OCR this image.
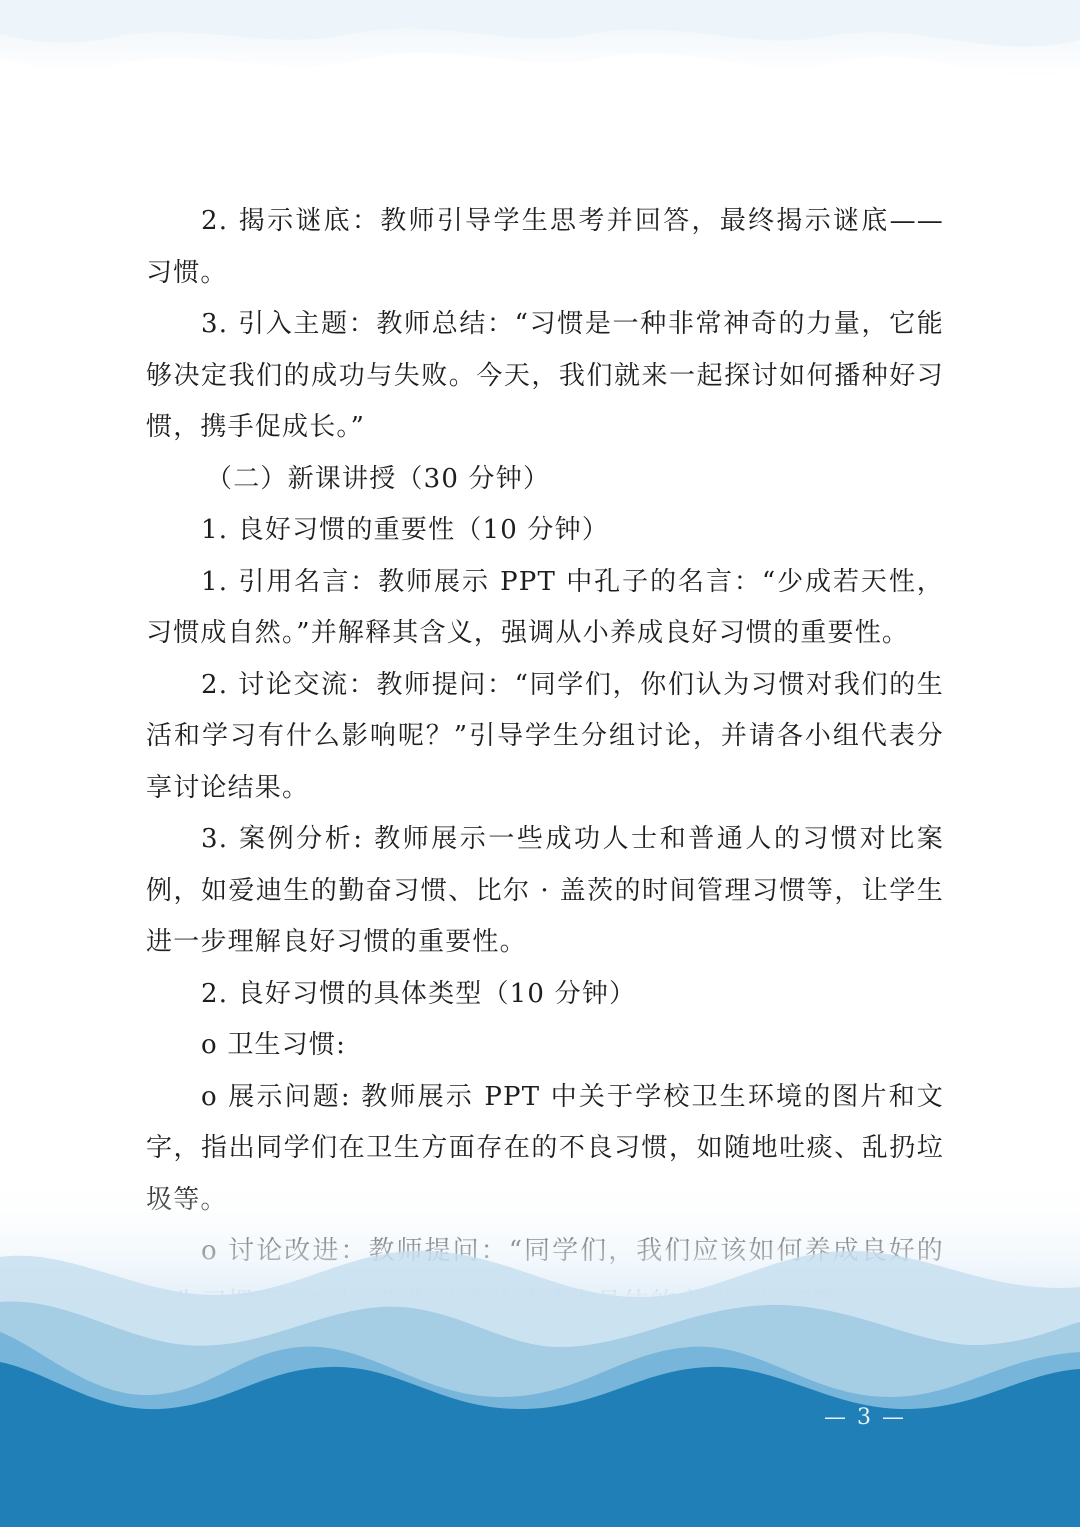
2. 揭示谜底：教师引导学生思考并回答，最终揭示谜底——习惯。

3. 引入主题：教师总结：“习惯是一种非常神奇的力量，它能够决定我们的成功与失败。今天，我们就来一起探讨如何播种好习惯，携手促成长。”

（二）新课讲授（30 分钟）

1. 良好习惯的重要性（10 分钟）

1. 引用名言：教师展示 PPT 中孔子的名言：“少成若天性，习惯成自然。”并解释其含义，强调从小养成良好习惯的重要性。

2. 讨论交流：教师提问：“同学们，你们认为习惯对我们的生活和学习有什么影响呢？”引导学生分组讨论，并请各小组代表分享讨论结果。

3. 案例分析: 教师展示一些成功人士和普通人的习惯对比案例，如爱迪生的勤奋习惯、比尔 · 盖茨的时间管理习惯等，让学生进一步理解良好习惯的重要性。

2. 良好习惯的具体类型（10 分钟）

o 卫生习惯:

o 展示问题: 教师展示 PPT 中关于学校卫生环境的图片和文字，指出同学们在卫生方面存在的不良习惯，如随地吐痰、乱扔垃

— 3 —
